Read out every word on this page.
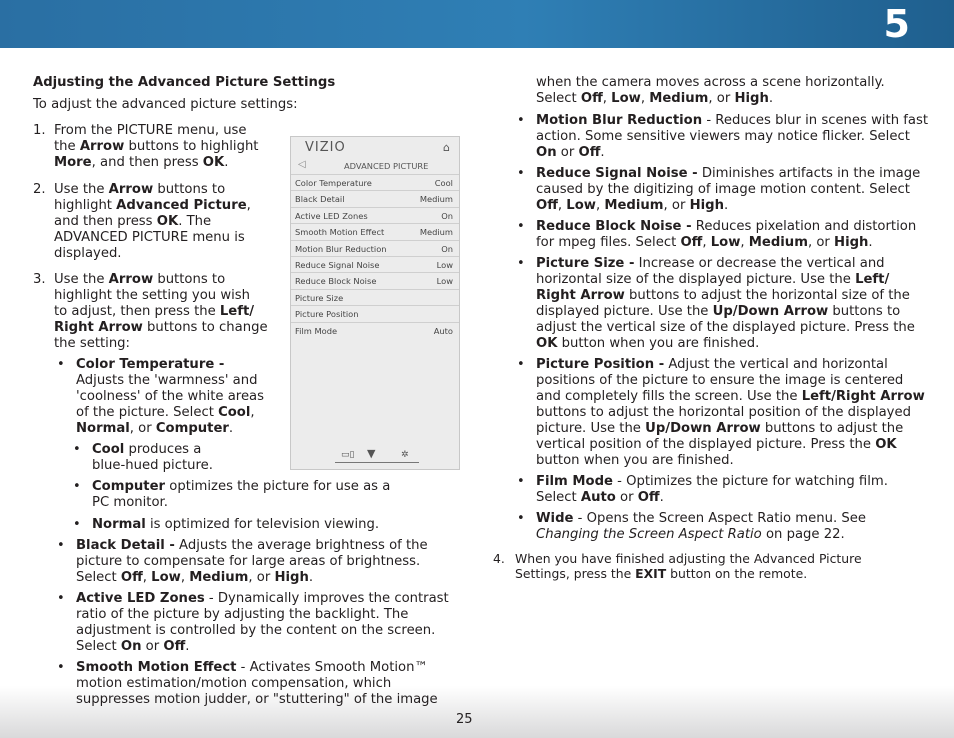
5
25
Adjusting the Advanced Picture Settings
To adjust the advanced picture settings:
1. From the PICTURE menu, use
the Arrow buttons to highlight
More, and then press OK.
2. Use the Arrow buttons to
highlight Advanced Picture,
and then press OK. The
ADVANCED PICTURE menu is
displayed.
3. Use the Arrow buttons to
highlight the setting you wish
to adjust, then press the Left/
Right Arrow buttons to change
the setting:
• Color Temperature -
Adjusts the 'warmness' and
'coolness' of the white areas
of the picture. Select Cool,
Normal, or Computer.
• Cool produces a
blue-hued picture.
• Computer optimizes the picture for use as a
PC monitor.
• Normal is optimized for television viewing.
• Black Detail - Adjusts the average brightness of the
picture to compensate for large areas of brightness.
Select Off, Low, Medium, or High.
• Active LED Zones - Dynamically improves the contrast
ratio of the picture by adjusting the backlight. The
adjustment is controlled by the content on the screen.
Select On or Off.
• Smooth Motion Effect - Activates Smooth Motion™
motion estimation/motion compensation, which
suppresses motion judder, or "stuttering" of the image
VIZIO	⌂
◁	ADVANCED PICTURE
Color Temperature	Cool
Black Detail	Medium
Active LED Zones	On
Smooth Motion Effect	Medium
Motion Blur Reduction	On
Reduce Signal Noise	Low
Reduce Block Noise	Low
Picture Size
Picture Position
Film Mode	Auto
▭▯ ▼	✲
when the camera moves across a scene horizontally.
Select Off, Low, Medium, or High.
• Motion Blur Reduction - Reduces blur in scenes with fast
action. Some sensitive viewers may notice flicker. Select
On or Off.
• Reduce Signal Noise - Diminishes artifacts in the image
caused by the digitizing of image motion content. Select
Off, Low, Medium, or High.
• Reduce Block Noise - Reduces pixelation and distortion
for mpeg files. Select Off, Low, Medium, or High.
• Picture Size - Increase or decrease the vertical and
horizontal size of the displayed picture. Use the Left/
Right Arrow buttons to adjust the horizontal size of the
displayed picture. Use the Up/Down Arrow buttons to
adjust the vertical size of the displayed picture. Press the
OK button when you are finished.
• Picture Position - Adjust the vertical and horizontal
positions of the picture to ensure the image is centered
and completely fills the screen. Use the Left/Right Arrow
buttons to adjust the horizontal position of the displayed
picture. Use the Up/Down Arrow buttons to adjust the
vertical position of the displayed picture. Press the OK
button when you are finished.
• Film Mode - Optimizes the picture for watching film.
Select Auto or Off.
• Wide - Opens the Screen Aspect Ratio menu. See
Changing the Screen Aspect Ratio on page 22.
4. When you have finished adjusting the Advanced Picture
Settings, press the EXIT button on the remote.
